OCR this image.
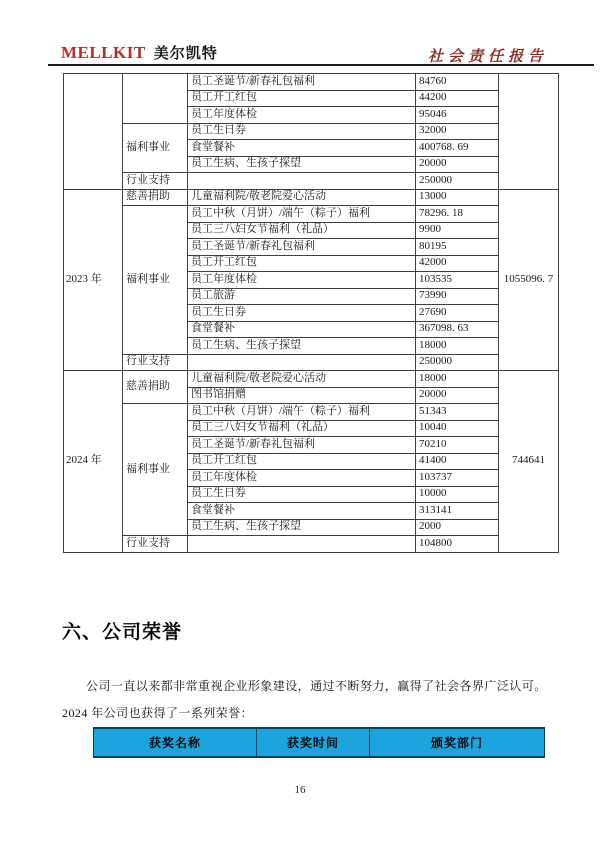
MELLKIT 美尔凯特	社会责任报告
		员工圣诞节/新春礼包福利	84760	
		员工开工红包	44200	
		员工年度体检	95046	
	福利事业	员工生日券	32000	
		食堂餐补	400768. 69	
		员工生病、生孩子探望	20000	
	行业支持		250000	
2023 年	慈善捐助	儿童福利院/敬老院爱心活动	13000	1055096. 7
	福利事业	员工中秋（月饼）/端午（粽子）福利	78296. 18	
		员工三八妇女节福利（礼品）	9900	
		员工圣诞节/新春礼包福利	80195	
		员工开工红包	42000	
		员工年度体检	103535	
		员工旅游	73990	
		员工生日券	27690	
		食堂餐补	367098. 63	
		员工生病、生孩子探望	18000	
	行业支持		250000	
2024 年	慈善捐助	儿童福利院/敬老院爱心活动	18000	744641
		图书馆捐赠	20000	
	福利事业	员工中秋（月饼）/端午（粽子）福利	51343	
		员工三八妇女节福利（礼品）	10040	
		员工圣诞节/新春礼包福利	70210	
		员工开工红包	41400	
		员工年度体检	103737	
		员工生日券	10000	
		食堂餐补	313141	
		员工生病、生孩子探望	2000	
	行业支持		104800	
六、公司荣誉
公司一直以来都非常重视企业形象建设，通过不断努力，赢得了社会各界广泛认可。
2024 年公司也获得了一系列荣誉：
获奖名称	获奖时间	颁奖部门
16
